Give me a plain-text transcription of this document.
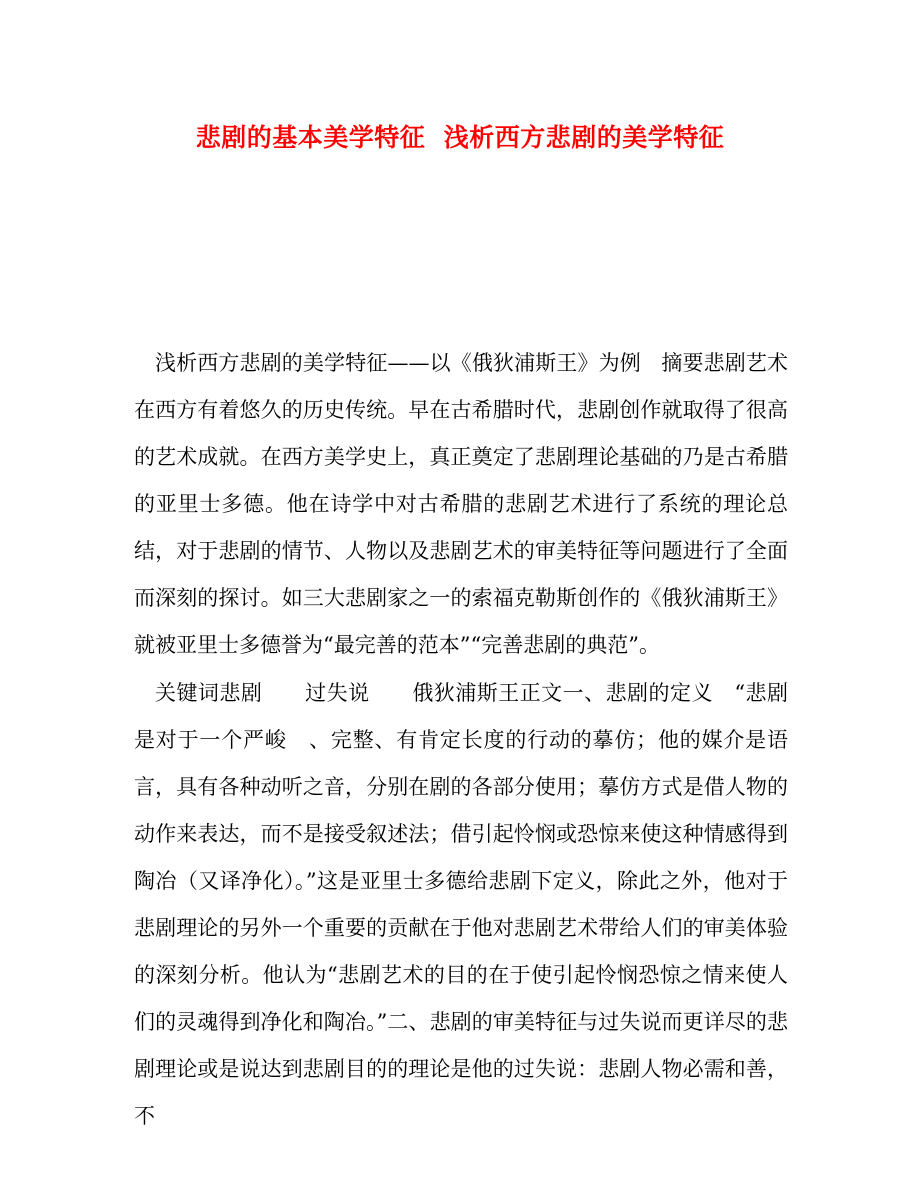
悲剧的基本美学特征  浅析西方悲剧的美学特征

浅析西方悲剧的美学特征——以《俄狄浦斯王》为例   摘要悲剧艺术在西方有着悠久的历史传统。早在古希腊时代，悲剧创作就取得了很高的艺术成就。在西方美学史上，真正奠定了悲剧理论基础的乃是古希腊的亚里士多德。他在诗学中对古希腊的悲剧艺术进行了系统的理论总结，对于悲剧的情节、人物以及悲剧艺术的审美特征等问题进行了全面而深刻的探讨。如三大悲剧家之一的索福克勒斯创作的《俄狄浦斯王》就被亚里士多德誉为“最完善的范本”“完善悲剧的典范”。

关键词悲剧      过失说      俄狄浦斯王正文一、悲剧的定义   “悲剧是对于一个严峻   、完整、有肯定长度的行动的摹仿；他的媒介是语言，具有各种动听之音，分别在剧的各部分使用；摹仿方式是借人物的动作来表达，而不是接受叙述法；借引起怜悯或恐惊来使这种情感得到陶冶（又译净化）。”这是亚里士多德给悲剧下定义，除此之外，他对于悲剧理论的另外一个重要的贡献在于他对悲剧艺术带给人们的审美体验的深刻分析。他认为“悲剧艺术的目的在于使引起怜悯恐惊之情来使人们的灵魂得到净化和陶冶。”二、悲剧的审美特征与过失说而更详尽的悲剧理论或是说达到悲剧目的的理论是他的过失说：悲剧人物必需和善，不
